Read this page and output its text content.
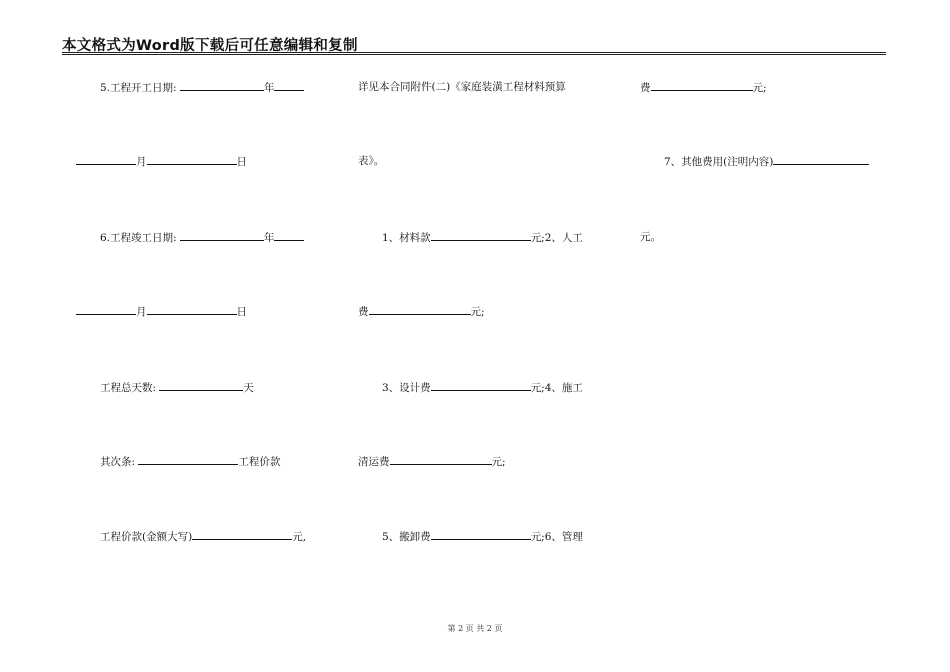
本文格式为Word版下载后可任意编辑和复制
5.工程开工日期:	年
月	日
6.工程竣工日期:	年
月	日
工程总天数:	天
其次条:	工程价款
工程价款(金额大写)	元,
详见本合同附件(二)《家庭装潢工程材料预算
表》。
1、材料款	元;2、人工
费	元;
3、设计费	元;4、施工
清运费	元;
5、搬卸费	元;6、管理
费	元;
7、其他费用(注明内容)
元。
第 2 页 共 2 页
